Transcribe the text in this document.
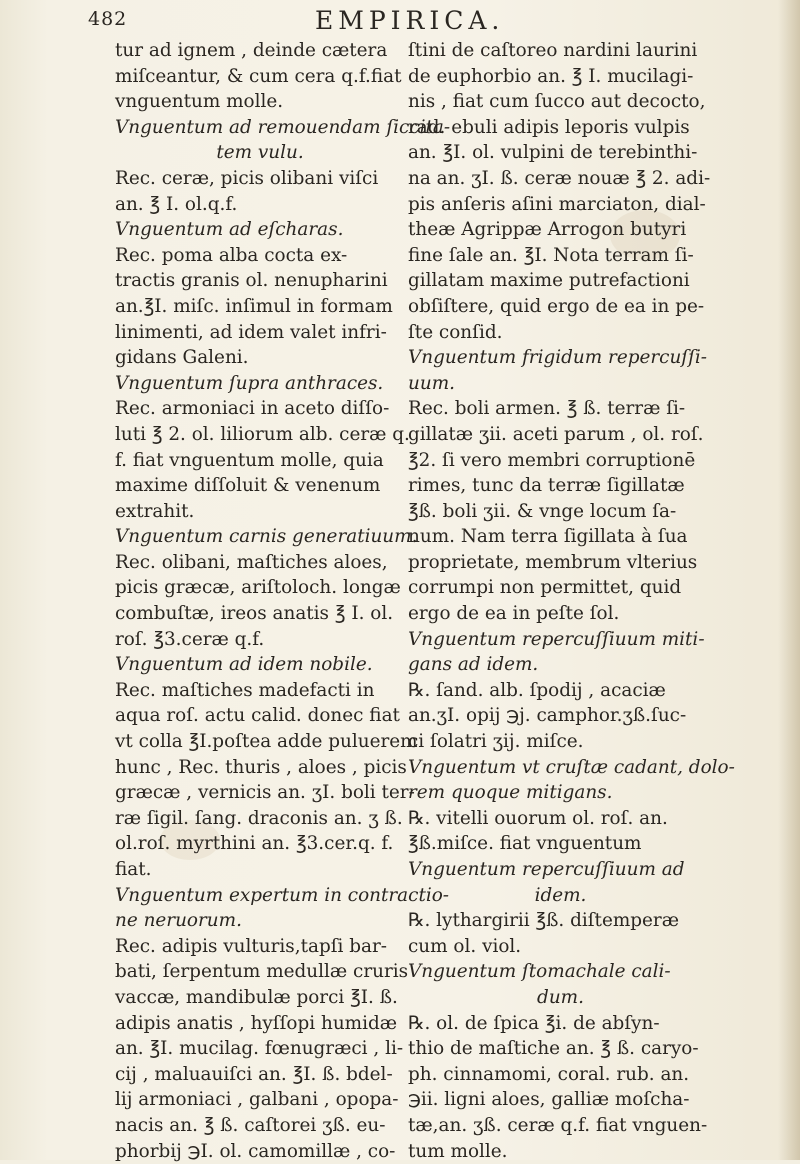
482	EMPIRICA.
tur ad ignem , deinde cætera
miſceantur, & cum cera q.f.fiat
vnguentum molle.
Vnguentum ad remouendam ſiccita-
tem vulu.
Rec. ceræ, picis olibani viſci
an. ℥ I. ol.q.f.
Vnguentum ad eſcharas.
Rec. poma alba cocta ex-
tractis granis ol. nenupharini
an.℥I. miſc. inſimul in formam
linimenti, ad idem valet infri-
gidans Galeni.
Vnguentum ſupra anthraces.
Rec. armoniaci in aceto diſſo-
luti ℥ 2. ol. liliorum alb. ceræ q.
f. fiat vnguentum molle, quia
maxime diſſoluit & venenum
extrahit.
Vnguentum carnis generatiuum.
Rec. olibani, maſtiches aloes,
picis græcæ, ariſtoloch. longæ
combuſtæ, ireos anatis ℥ I. ol.
roſ. ℥3.ceræ q.f.
Vnguentum ad idem nobile.
Rec. maſtiches madefacti in
aqua roſ. actu calid. donec fiat
vt colla ℥I.poſtea adde puluerem
hunc , Rec. thuris , aloes , picis
græcæ , vernicis an. ʒI. boli ter-
ræ ſigil. ſang. draconis an. ʒ ß.
ol.roſ. myrthini an. ℥3.cer.q. f.
fiat.
Vnguentum expertum in contractio-
ne neruorum.
Rec. adipis vulturis,tapſi bar-
bati, ſerpentum medullæ cruris
vaccæ, mandibulæ porci ℥I. ß.
adipis anatis , hyſſopi humidæ
an. ℥I. mucilag. fœnugræci , li-
cij , maluauiſci an. ℥I. ß. bdel-
lij armoniaci , galbani , opopa-
nacis an. ℥ ß. caſtorei ʒß. eu-
phorbij ℈I. ol. camomillæ , co-
ſtini de caſtoreo nardini laurini
de euphorbio an. ℥ I. mucilagi-
nis , fiat cum ſucco aut decocto,
rad. ebuli adipis leporis vulpis
an. ℥I. ol. vulpini de terebinthi-
na an. ʒI. ß. ceræ nouæ ℥ 2. adi-
pis anſeris aſini marciaton, dial-
theæ Agrippæ Arrogon butyri
fine ſale an. ℥I. Nota terram ſi-
gillatam maxime putrefactioni
obſiſtere, quid ergo de ea in pe-
ſte conſid.
Vnguentum frigidum repercuſſi-
uum.
Rec. boli armen. ℥ ß. terræ ſi-
gillatæ ʒii. aceti parum , ol. roſ.
℥2. ſi vero membri corruptionē
rimes, tunc da terræ ſigillatæ
℥ß. boli ʒii. & vnge locum ſa-
num. Nam terra ſigillata à ſua
proprietate, membrum vlterius
corrumpi non permittet, quid
ergo de ea in peſte ſol.
Vnguentum repercuſſiuum miti-
gans ad idem.
℞. ſand. alb. ſpodij , acaciæ
an.ʒI. opij ℈j. camphor.ʒß.ſuc-
ci ſolatri ʒij. miſce.
Vnguentum vt cruſtæ cadant, dolo-
rem quoque mitigans.
℞. vitelli ouorum ol. roſ. an.
℥ß.miſce. fiat vnguentum
Vnguentum repercuſſiuum ad
idem.
℞. lythargirii ℥ß. diſtemperæ
cum ol. viol.
Vnguentum ſtomachale cali-
dum.
℞. ol. de ſpica ℥i. de abſyn-
thio de maſtiche an. ℥ ß. caryo-
ph. cinnamomi, coral. rub. an.
℈ii. ligni aloes, galliæ moſcha-
tæ,an. ʒß. ceræ q.f. fiat vnguen-
tum molle.
